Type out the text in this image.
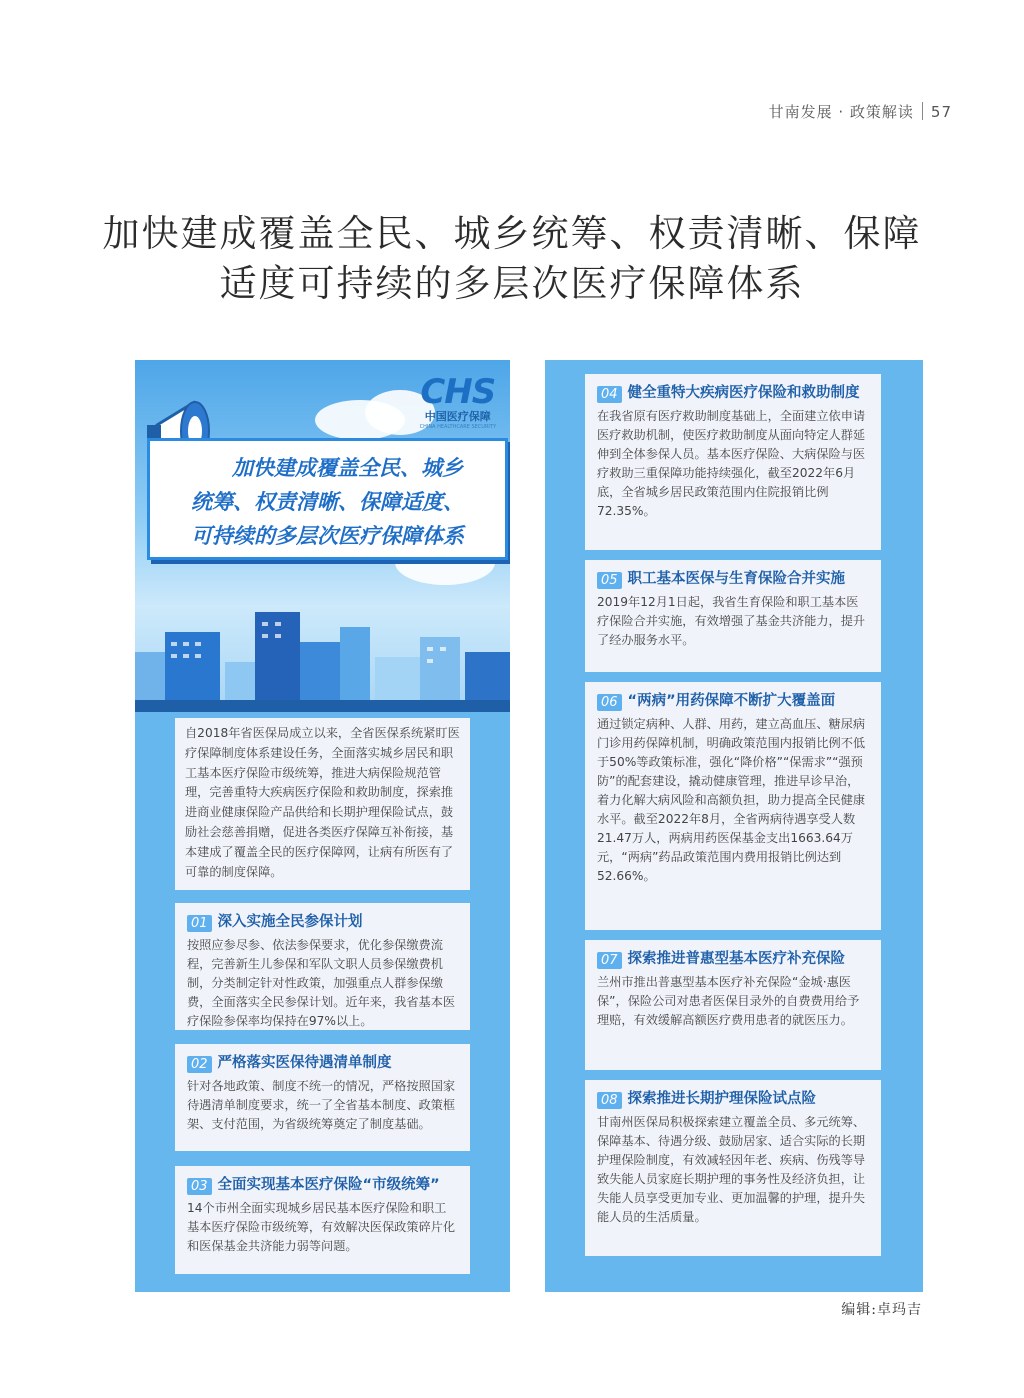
甘南发展 · 政策解读 57
加快建成覆盖全民、城乡统筹、权责清晰、保障
适度可持续的多层次医疗保障体系
CHS
中国医疗保障
CHINA HEALTHCARE SECURITY
加快建成覆盖全民、城乡
统筹、权责清晰、保障适度、
可持续的多层次医疗保障体系
自2018年省医保局成立以来，全省医保系统紧盯医疗保障制度体系建设任务，全面落实城乡居民和职工基本医疗保险市级统筹，推进大病保险规范管理，完善重特大疾病医疗保险和救助制度，探索推进商业健康保险产品供给和长期护理保险试点，鼓励社会慈善捐赠，促进各类医疗保障互补衔接，基本建成了覆盖全民的医疗保障网，让病有所医有了可靠的制度保障。
01 深入实施全民参保计划
按照应参尽参、依法参保要求，优化参保缴费流程，完善新生儿参保和军队文职人员参保缴费机制，分类制定针对性政策，加强重点人群参保缴费，全面落实全民参保计划。近年来，我省基本医疗保险参保率均保持在97%以上。
02 严格落实医保待遇清单制度
针对各地政策、制度不统一的情况，严格按照国家待遇清单制度要求，统一了全省基本制度、政策框架、支付范围，为省级统筹奠定了制度基础。
03 全面实现基本医疗保险“市级统筹”
14个市州全面实现城乡居民基本医疗保险和职工基本医疗保险市级统筹，有效解决医保政策碎片化和医保基金共济能力弱等问题。
04 健全重特大疾病医疗保险和救助制度
在我省原有医疗救助制度基础上，全面建立依申请医疗救助机制，使医疗救助制度从面向特定人群延伸到全体参保人员。基本医疗保险、大病保险与医疗救助三重保障功能持续强化，截至2022年6月底，全省城乡居民政策范围内住院报销比例72.35%。
05 职工基本医保与生育保险合并实施
2019年12月1日起，我省生育保险和职工基本医疗保险合并实施，有效增强了基金共济能力，提升了经办服务水平。
06 “两病”用药保障不断扩大覆盖面
通过锁定病种、人群、用药，建立高血压、糖尿病门诊用药保障机制，明确政策范围内报销比例不低于50%等政策标准，强化“降价格”“保需求”“强预防”的配套建设，撬动健康管理，推进早诊早治，着力化解大病风险和高额负担，助力提高全民健康水平。截至2022年8月，全省两病待遇享受人数21.47万人，两病用药医保基金支出1663.64万元，“两病”药品政策范围内费用报销比例达到52.66%。
07 探索推进普惠型基本医疗补充保险
兰州市推出普惠型基本医疗补充保险“金城·惠医保”，保险公司对患者医保目录外的自费费用给予理赔，有效缓解高额医疗费用患者的就医压力。
08 探索推进长期护理保险试点险
甘南州医保局积极探索建立覆盖全员、多元统筹、保障基本、待遇分级、鼓励居家、适合实际的长期护理保险制度，有效减轻因年老、疾病、伤残等导致失能人员家庭长期护理的事务性及经济负担，让失能人员享受更加专业、更加温馨的护理，提升失能人员的生活质量。
编辑:卓玛吉
